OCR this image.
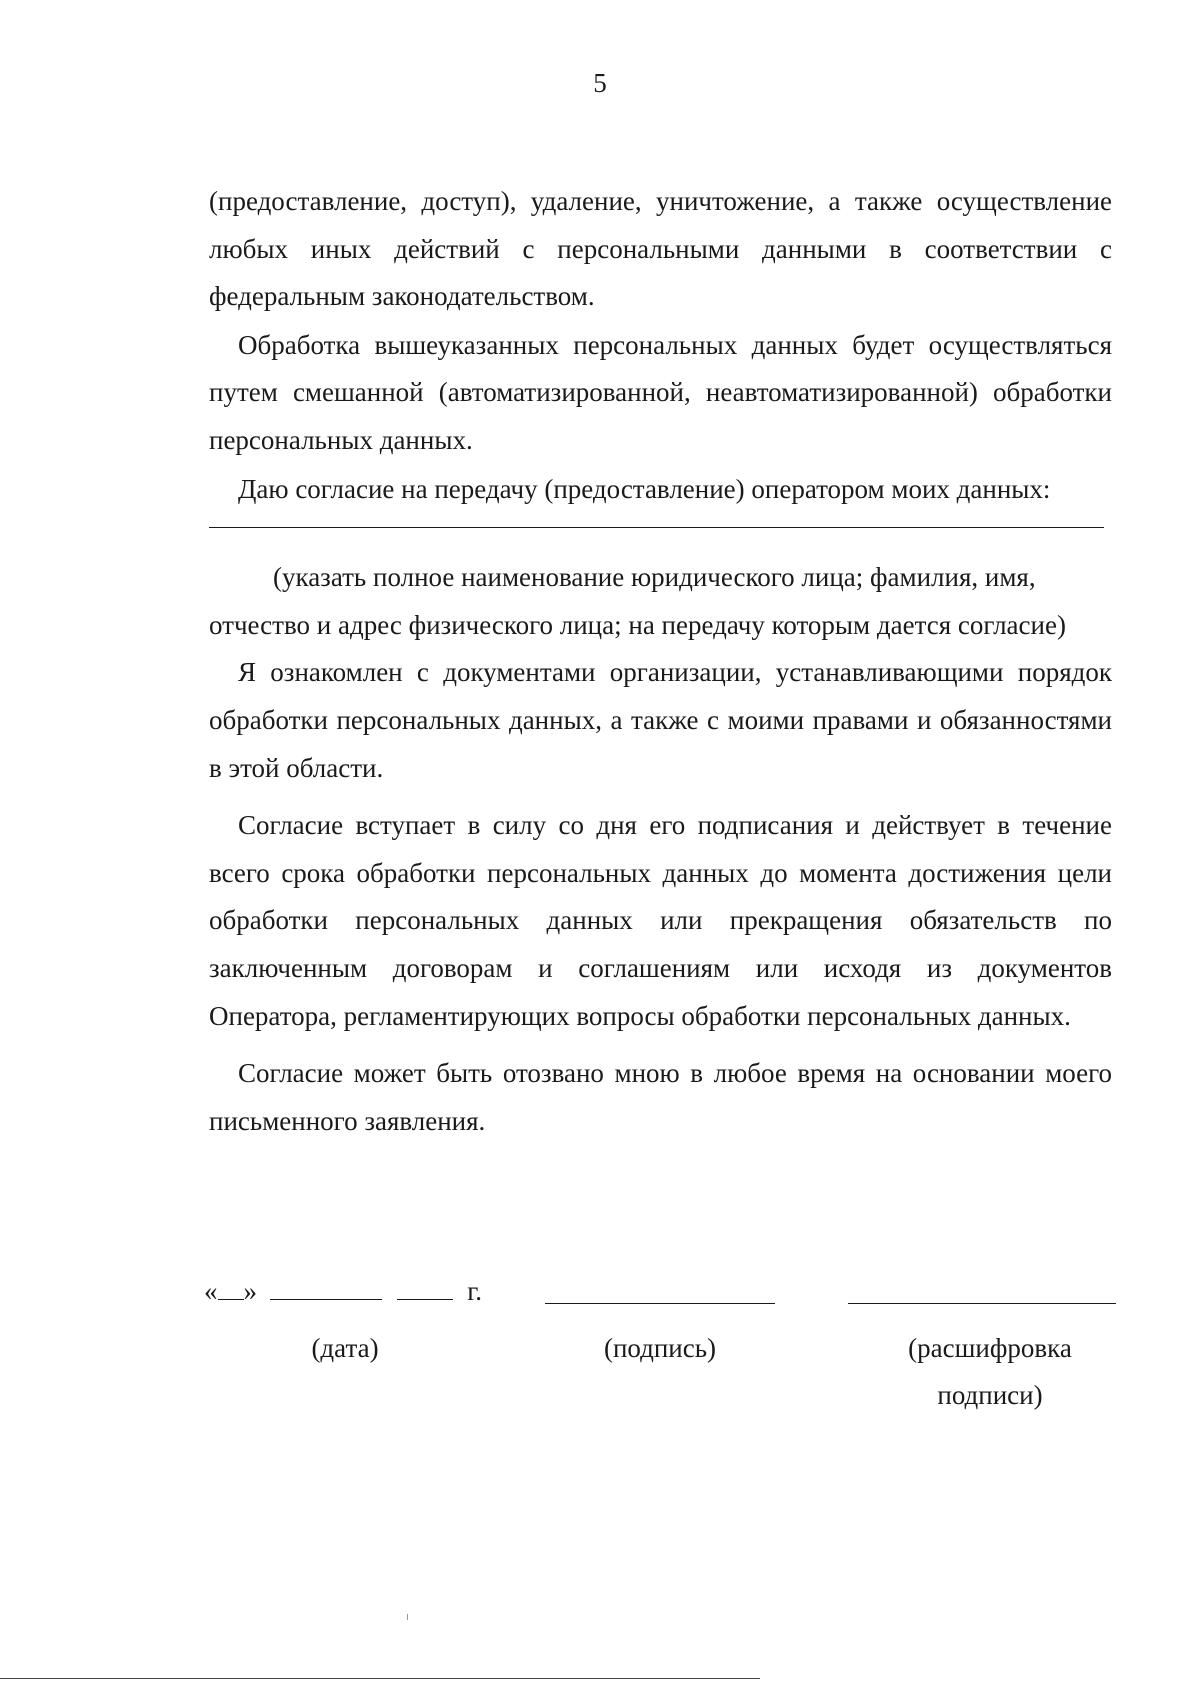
5

(предоставление, доступ), удаление, уничтожение, а также осуществление любых иных действий с персональными данными в соответствии с федеральным законодательством.

Обработка вышеуказанных персональных данных будет осуществляться путем смешанной (автоматизированной, неавтоматизированной) обработки персональных данных.

Даю согласие на передачу (предоставление) оператором моих данных:

(указать полное наименование юридического лица; фамилия, имя,
отчество и адрес физического лица; на передачу которым дается согласие)

Я ознакомлен с документами организации, устанавливающими порядок обработки персональных данных, а также с моими правами и обязанностями в этой области.

Согласие вступает в силу со дня его подписания и действует в течение всего срока обработки персональных данных до момента достижения цели обработки персональных данных или прекращения обязательств по заключенным договорам и соглашениям или исходя из документов Оператора, регламентирующих вопросы обработки персональных данных.

Согласие может быть отозвано мною в любое время на основании моего письменного заявления.

« »	г.
(дата)	(подпись)	(расшифровка
подписи)
